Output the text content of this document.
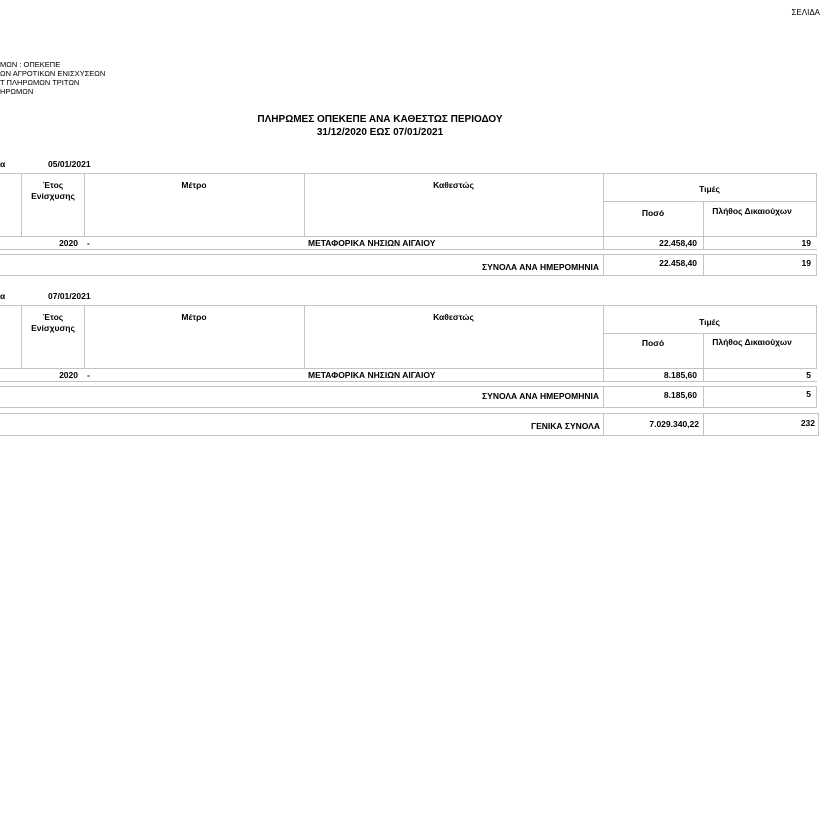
ΣΕΛΙΔΑ
ΜΩΝ : ΟΠΕΚΕΠΕ
ΩΝ ΑΓΡΟΤΙΚΩΝ ΕΝΙΣΧΥΣΕΩΝ
Τ ΠΛΗΡΩΜΩΝ ΤΡΙΤΩΝ
ΗΡΩΜΩΝ
ΠΛΗΡΩΜΕΣ ΟΠΕΚΕΠΕ ΑΝΑ ΚΑΘΕΣΤΩΣ ΠΕΡΙΟΔΟΥ
31/12/2020 ΕΩΣ 07/01/2021
α	05/01/2021
Έτος Ενίσχυσης
Μέτρο	Καθεστώς	Τιμές
Ποσό	Πλήθος Δικαιούχων
2020 -	ΜΕΤΑΦΟΡΙΚΑ ΝΗΣΙΩΝ ΑΙΓΑΙΟΥ	22.458,40	19
ΣΥΝΟΛΑ ΑΝΑ ΗΜΕΡΟΜΗΝΙΑ	22.458,40	19
α	07/01/2021
Έτος Ενίσχυσης
Μέτρο	Καθεστώς	Τιμές
Ποσό	Πλήθος Δικαιούχων
2020 -	ΜΕΤΑΦΟΡΙΚΑ ΝΗΣΙΩΝ ΑΙΓΑΙΟΥ	8.185,60	5
ΣΥΝΟΛΑ ΑΝΑ ΗΜΕΡΟΜΗΝΙΑ	8.185,60	5
ΓΕΝΙΚΑ ΣΥΝΟΛΑ	7.029.340,22	232
